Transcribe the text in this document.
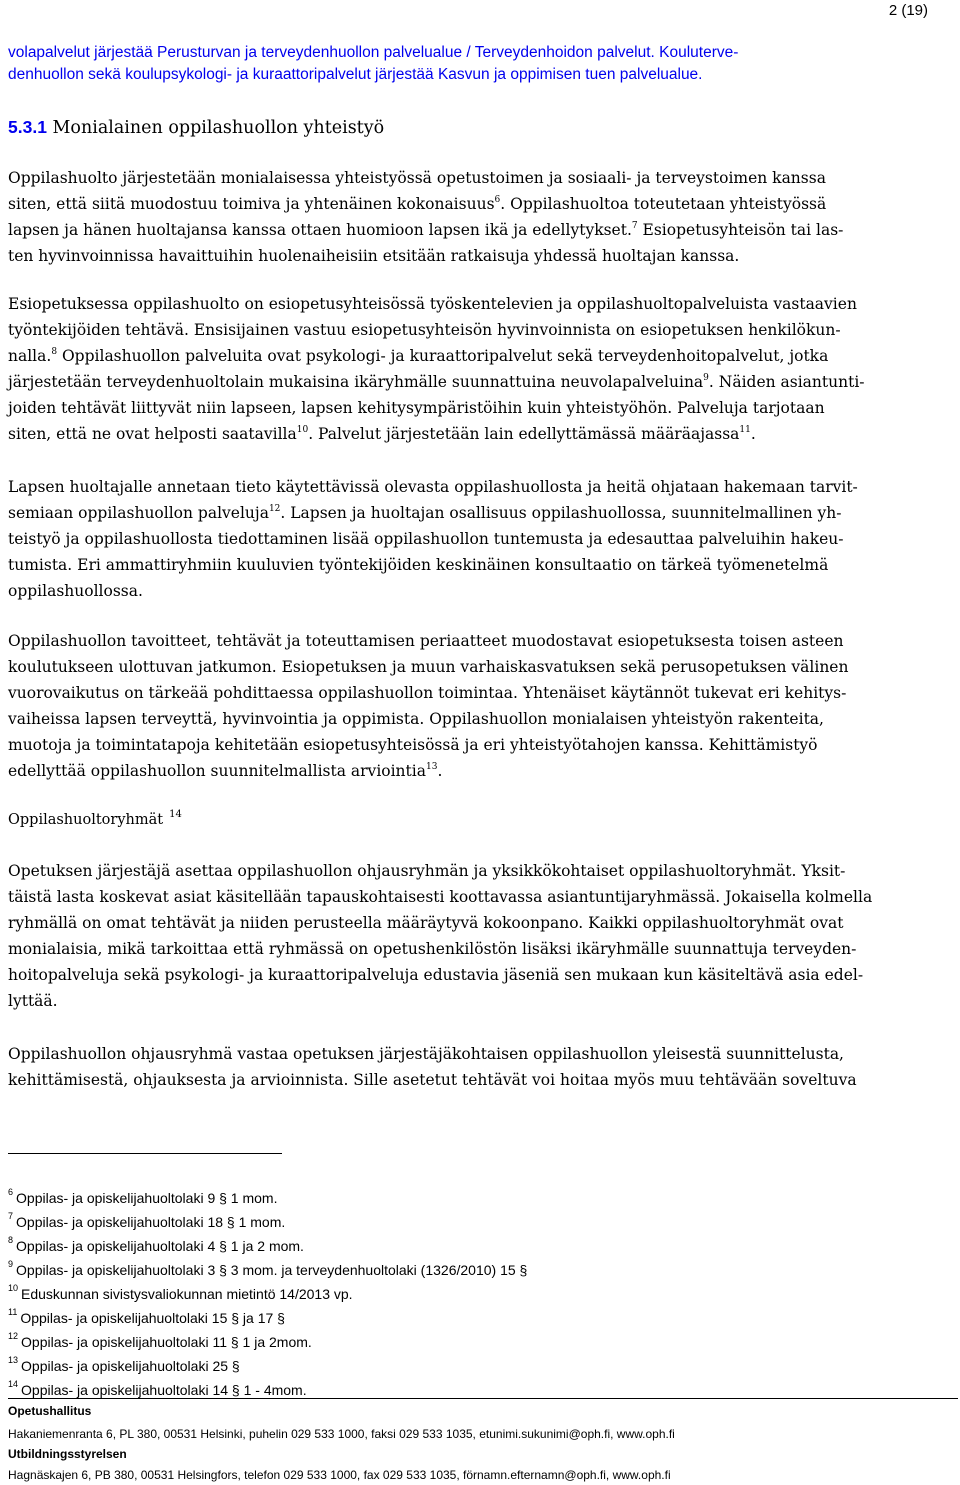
2 (19)
volapalvelut järjestää Perusturvan ja terveydenhuollon palvelualue / Terveydenhoidon palvelut. Kouluterve-
denhuollon sekä koulupsykologi- ja kuraattoripalvelut järjestää Kasvun ja oppimisen tuen palvelualue.
5.3.1 Monialainen oppilashuollon yhteistyö
Oppilashuolto järjestetään monialaisessa yhteistyössä opetustoimen ja sosiaali- ja terveystoimen kanssa
siten, että siitä muodostuu toimiva ja yhtenäinen kokonaisuus$^6$. Oppilashuoltoa toteutetaan yhteistyössä
lapsen ja hänen huoltajansa kanssa ottaen huomioon lapsen ikä ja edellytykset.$^7$ Esiopetusyhteisön tai las-
ten hyvinvoinnissa havaittuihin huolenaiheisiin etsitään ratkaisuja yhdessä huoltajan kanssa.
Esiopetuksessa oppilashuolto on esiopetusyhteisössä työskentelevien ja oppilashuoltopalveluista vastaavien
työntekijöiden tehtävä. Ensisijainen vastuu esiopetusyhteisön hyvinvoinnista on esiopetuksen henkilökun-
nalla.$^8$ Oppilashuollon palveluita ovat psykologi- ja kuraattoripalvelut sekä terveydenhoitopalvelut, jotka
järjestetään terveydenhuoltolain mukaisina ikäryhmälle suunnattuina neuvolapalveluina$^9$. Näiden asiantunti-
joiden tehtävät liittyvät niin lapseen, lapsen kehitysympäristöihin kuin yhteistyöhön. Palveluja tarjotaan
siten, että ne ovat helposti saatavilla$^{10}$. Palvelut järjestetään lain edellyttämässä määräajassa$^{11}$.
Lapsen huoltajalle annetaan tieto käytettävissä olevasta oppilashuollosta ja heitä ohjataan hakemaan tarvit-
semiaan oppilashuollon palveluja$^{12}$. Lapsen ja huoltajan osallisuus oppilashuollossa, suunnitelmallinen yh-
teistyö ja oppilashuollosta tiedottaminen lisää oppilashuollon tuntemusta ja edesauttaa palveluihin hakeu-
tumista. Eri ammattiryhmiin kuuluvien työntekijöiden keskinäinen konsultaatio on tärkeä työmenetelmä
oppilashuollossa.
Oppilashuollon tavoitteet, tehtävät ja toteuttamisen periaatteet muodostavat esiopetuksesta toisen asteen
koulutukseen ulottuvan jatkumon. Esiopetuksen ja muun varhaiskasvatuksen sekä perusopetuksen välinen
vuorovaikutus on tärkeää pohdittaessa oppilashuollon toimintaa. Yhtenäiset käytännöt tukevat eri kehitys-
vaiheissa lapsen terveyttä, hyvinvointia ja oppimista. Oppilashuollon monialaisen yhteistyön rakenteita,
muotoja ja toimintatapoja kehitetään esiopetusyhteisössä ja eri yhteistyötahojen kanssa. Kehittämistyö
edellyttää oppilashuollon suunnitelmallista arviointia$^{13}$.
Oppilashuoltoryhmät $^{14}$
Opetuksen järjestäjä asettaa oppilashuollon ohjausryhmän ja yksikkökohtaiset oppilashuoltoryhmät. Yksit-
täistä lasta koskevat asiat käsitellään tapauskohtaisesti koottavassa asiantuntijaryhmässä. Jokaisella kolmella
ryhmällä on omat tehtävät ja niiden perusteella määräytyvä kokoonpano. Kaikki oppilashuoltoryhmät ovat
monialaisia, mikä tarkoittaa että ryhmässä on opetushenkilöstön lisäksi ikäryhmälle suunnattuja terveyden-
hoitopalveluja sekä psykologi- ja kuraattoripalveluja edustavia jäseniä sen mukaan kun käsiteltävä asia edel-
lyttää.
Oppilashuollon ohjausryhmä vastaa opetuksen järjestäjäkohtaisen oppilashuollon yleisestä suunnittelusta,
kehittämisestä, ohjauksesta ja arvioinnista. Sille asetetut tehtävät voi hoitaa myös muu tehtävään soveltuva
$^6$ Oppilas- ja opiskelijahuoltolaki 9 § 1 mom.
$^7$ Oppilas- ja opiskelijahuoltolaki 18 § 1 mom.
$^8$ Oppilas- ja opiskelijahuoltolaki 4 § 1 ja 2 mom.
$^9$ Oppilas- ja opiskelijahuoltolaki 3 § 3 mom. ja terveydenhuoltolaki (1326/2010) 15 §
$^{10}$ Eduskunnan sivistysvaliokunnan mietintö 14/2013 vp.
$^{11}$ Oppilas- ja opiskelijahuoltolaki 15 § ja 17 §
$^{12}$ Oppilas- ja opiskelijahuoltolaki 11 § 1 ja 2mom.
$^{13}$ Oppilas- ja opiskelijahuoltolaki 25 §
$^{14}$ Oppilas- ja opiskelijahuoltolaki 14 § 1 - 4mom.
Opetushallitus
Hakaniemenranta 6, PL 380, 00531 Helsinki, puhelin 029 533 1000, faksi 029 533 1035, etunimi.sukunimi@oph.fi, www.oph.fi
Utbildningsstyrelsen
Hagnäskajen 6, PB 380, 00531 Helsingfors, telefon 029 533 1000, fax 029 533 1035, förnamn.efternamn@oph.fi, www.oph.fi
